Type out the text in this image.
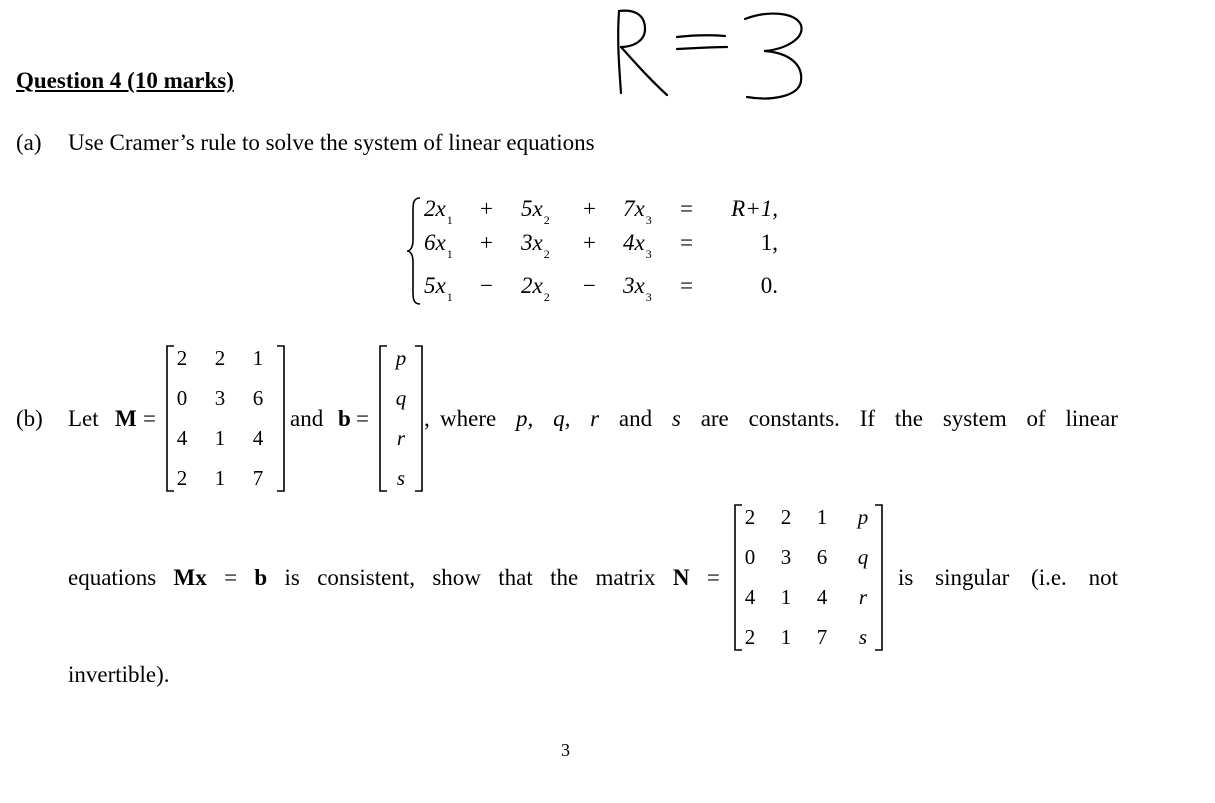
Question 4 (10 marks)
(a) Use Cramer’s rule to solve the system of linear equations
$2x_1 + 5x_2 + 7x_3$ =	R+1,
$6x_1 + 3x_2 + 4x_3$ =	1,
$5x_1 - 2x_2 - 3x_3$ =	0.
(b) Let M =
2	2	1
0	3	6
4	1	4
2	1	7
and b =
p
q
r
s
, where p, q, r and s are constants. If the system of linear
equations Mx = b is consistent, show that the matrix N =
2	2	1	p
0	3	6	q
4	1	4	r
2	1	7	s
is singular (i.e. not
invertible).
3
